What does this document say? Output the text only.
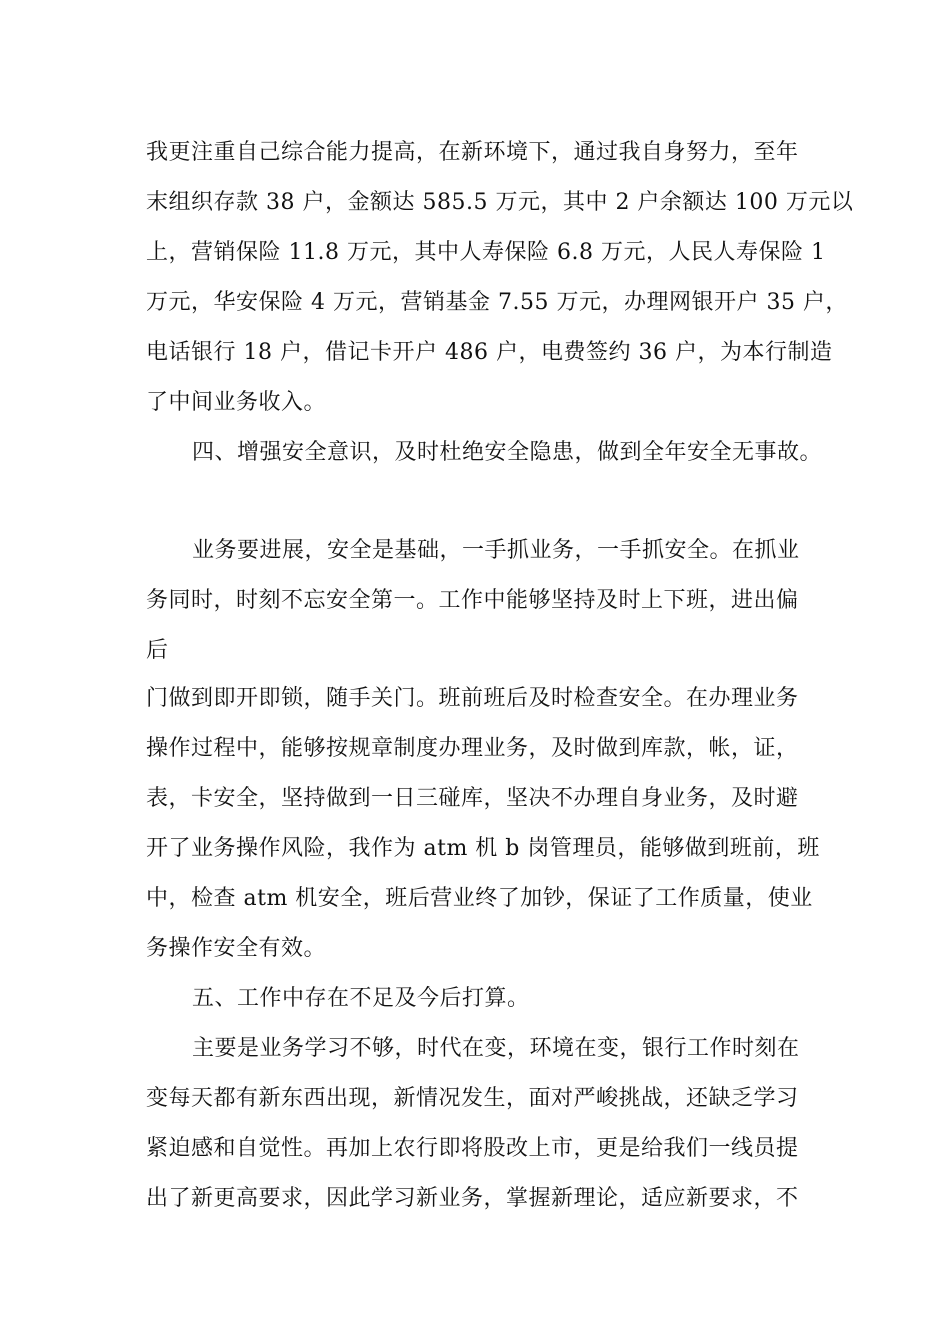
我更注重自己综合能力提高，在新环境下，通过我自身努力，至年
末组织存款 38 户，金额达 585.5 万元，其中 2 户余额达 100 万元以
上，营销保险 11.8 万元，其中人寿保险 6.8 万元，人民人寿保险 1
万元，华安保险 4 万元，营销基金 7.55 万元，办理网银开户 35 户，
电话银行 18 户，借记卡开户 486 户，电费签约 36 户，为本行制造
了中间业务收入。
四、增强安全意识，及时杜绝安全隐患，做到全年安全无事故。
业务要进展，安全是基础，一手抓业务，一手抓安全。在抓业
务同时，时刻不忘安全第一。工作中能够坚持及时上下班，进出偏
后
门做到即开即锁，随手关门。班前班后及时检查安全。在办理业务
操作过程中，能够按规章制度办理业务，及时做到库款，帐，证，
表，卡安全，坚持做到一日三碰库，坚决不办理自身业务，及时避
开了业务操作风险，我作为 atm 机 b 岗管理员，能够做到班前，班
中，检查 atm 机安全，班后营业终了加钞，保证了工作质量，使业
务操作安全有效。
五、工作中存在不足及今后打算。
主要是业务学习不够，时代在变，环境在变，银行工作时刻在
变每天都有新东西出现，新情况发生，面对严峻挑战，还缺乏学习
紧迫感和自觉性。再加上农行即将股改上市，更是给我们一线员提
出了新更高要求，因此学习新业务，掌握新理论，适应新要求，不
